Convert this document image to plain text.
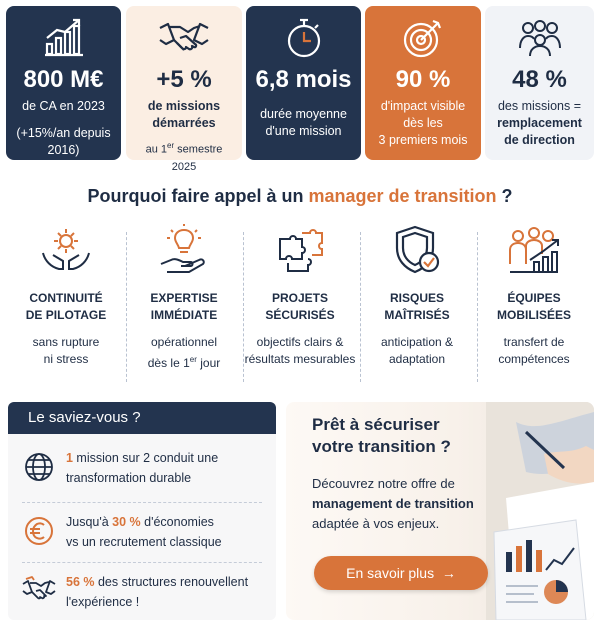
800 M€
de CA en 2023
(+15%/an depuis
2016)
+5 %
de missions
démarrées
au 1er semestre 2025
6,8 mois
durée moyenne
d'une mission
90 %
d'impact visible
dès les
3 premiers mois
48 %
des missions =
remplacement
de direction
Pourquoi faire appel à un manager de transition ?
CONTINUITÉ
DE PILOTAGE
sans rupture
ni stress
EXPERTISE
IMMÉDIATE
opérationnel
dès le 1er jour
PROJETS
SÉCURISÉS
objectifs clairs &
résultats mesurables
RISQUES
MAÎTRISÉS
anticipation &
adaptation
ÉQUIPES
MOBILISÉES
transfert de
compétences
Le saviez-vous ?
1 mission sur 2 conduit une
transformation durable
Jusqu'à 30 % d'économies
vs un recrutement classique
56 % des structures renouvellent
l'expérience !
Prêt à sécuriser
votre transition ?
Découvrez notre offre de
management de transition
adaptée à vos enjeux.
En savoir plus →
